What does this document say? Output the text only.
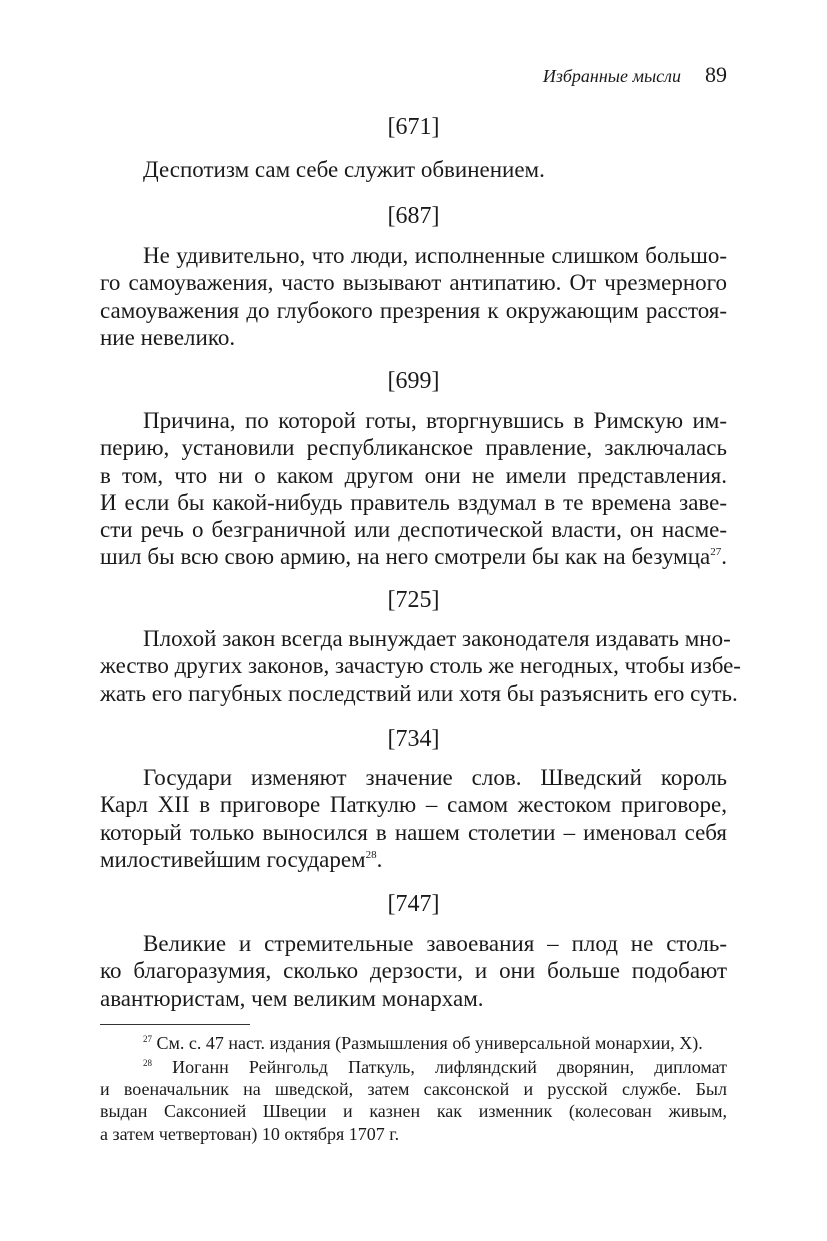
Избранные мысли 89
[671]
Деспотизм сам себе служит обвинением.
[687]
Не удивительно, что люди, исполненные слишком большо-
го самоуважения, часто вызывают антипатию. От чрезмерного
самоуважения до глубокого презрения к окружающим расстоя-
ние невелико.
[699]
Причина, по которой готы, вторгнувшись в Римскую им-
перию, установили республиканское правление, заключалась
в том, что ни о каком другом они не имели представления.
И если бы какой-нибудь правитель вздумал в те времена заве-
сти речь о безграничной или деспотической власти, он насме-
шил бы всю свою армию, на него смотрели бы как на безумца$^{27}$.
[725]
Плохой закон всегда вынуждает законодателя издавать мно-
жество других законов, зачастую столь же негодных, чтобы избе-
жать его пагубных последствий или хотя бы разъяснить его суть.
[734]
Государи изменяют значение слов. Шведский король
Карл XII в приговоре Паткулю – самом жестоком приговоре,
который только выносился в нашем столетии – именовал себя
милостивейшим государем$^{28}$.
[747]
Великие и стремительные завоевания – плод не столь-
ко благоразумия, сколько дерзости, и они больше подобают
авантюристам, чем великим монархам.
$^{27}$ См. с. 47 наст. издания (Размышления об универсальной монархии, X).
$^{28}$ Иоганн Рейнгольд Паткуль, лифляндский дворянин, дипломат
и военачальник на шведской, затем саксонской и русской службе. Был
выдан Саксонией Швеции и казнен как изменник (колесован живым,
а затем четвертован) 10 октября 1707 г.
